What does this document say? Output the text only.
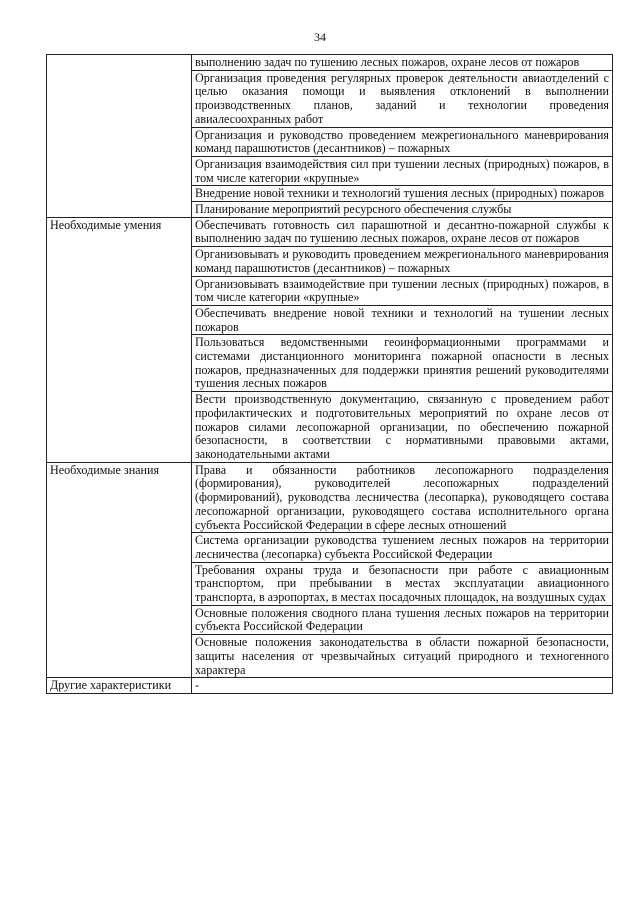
34
	выполнению задач по тушению лесных пожаров, охране лесов от пожаров
	Организация проведения регулярных проверок деятельности авиаотделений с целью оказания помощи и выявления отклонений в выполнении производственных планов, заданий и технологии проведения авиалесоохранных работ
	Организация и руководство проведением межрегионального маневрирования команд парашютистов (десантников) – пожарных
	Организация взаимодействия сил при тушении лесных (природных) пожаров, в том числе категории «крупные»
	Внедрение новой техники и технологий тушения лесных (природных) пожаров
	Планирование мероприятий ресурсного обеспечения службы
Необходимые умения	Обеспечивать готовность сил парашютной и десантно-пожарной службы к выполнению задач по тушению лесных пожаров, охране лесов от пожаров
	Организовывать и руководить проведением межрегионального маневрирования команд парашютистов (десантников) – пожарных
	Организовывать взаимодействие при тушении лесных (природных) пожаров, в том числе категории «крупные»
	Обеспечивать внедрение новой техники и технологий на тушении лесных пожаров
	Пользоваться ведомственными геоинформационными программами и системами дистанционного мониторинга пожарной опасности в лесных пожаров, предназначенных для поддержки принятия решений руководителями тушения лесных пожаров
	Вести производственную документацию, связанную с проведением работ профилактических и подготовительных мероприятий по охране лесов от пожаров силами лесопожарной организации, по обеспечению пожарной безопасности, в соответствии с нормативными правовыми актами, законодательными актами
Необходимые знания	Права и обязанности работников лесопожарного подразделения (формирования), руководителей лесопожарных подразделений (формирований), руководства лесничества (лесопарка), руководящего состава лесопожарной организации, руководящего состава исполнительного органа субъекта Российской Федерации в сфере лесных отношений
	Система организации руководства тушением лесных пожаров на территории лесничества (лесопарка) субъекта Российской Федерации
	Требования охраны труда и безопасности при работе с авиационным транспортом, при пребывании в местах эксплуатации авиационного транспорта, в аэропортах, в местах посадочных площадок, на воздушных судах
	Основные положения сводного плана тушения лесных пожаров на территории субъекта Российской Федерации
	Основные положения законодательства в области пожарной безопасности, защиты населения от чрезвычайных ситуаций природного и техногенного характера
Другие характеристики	-
